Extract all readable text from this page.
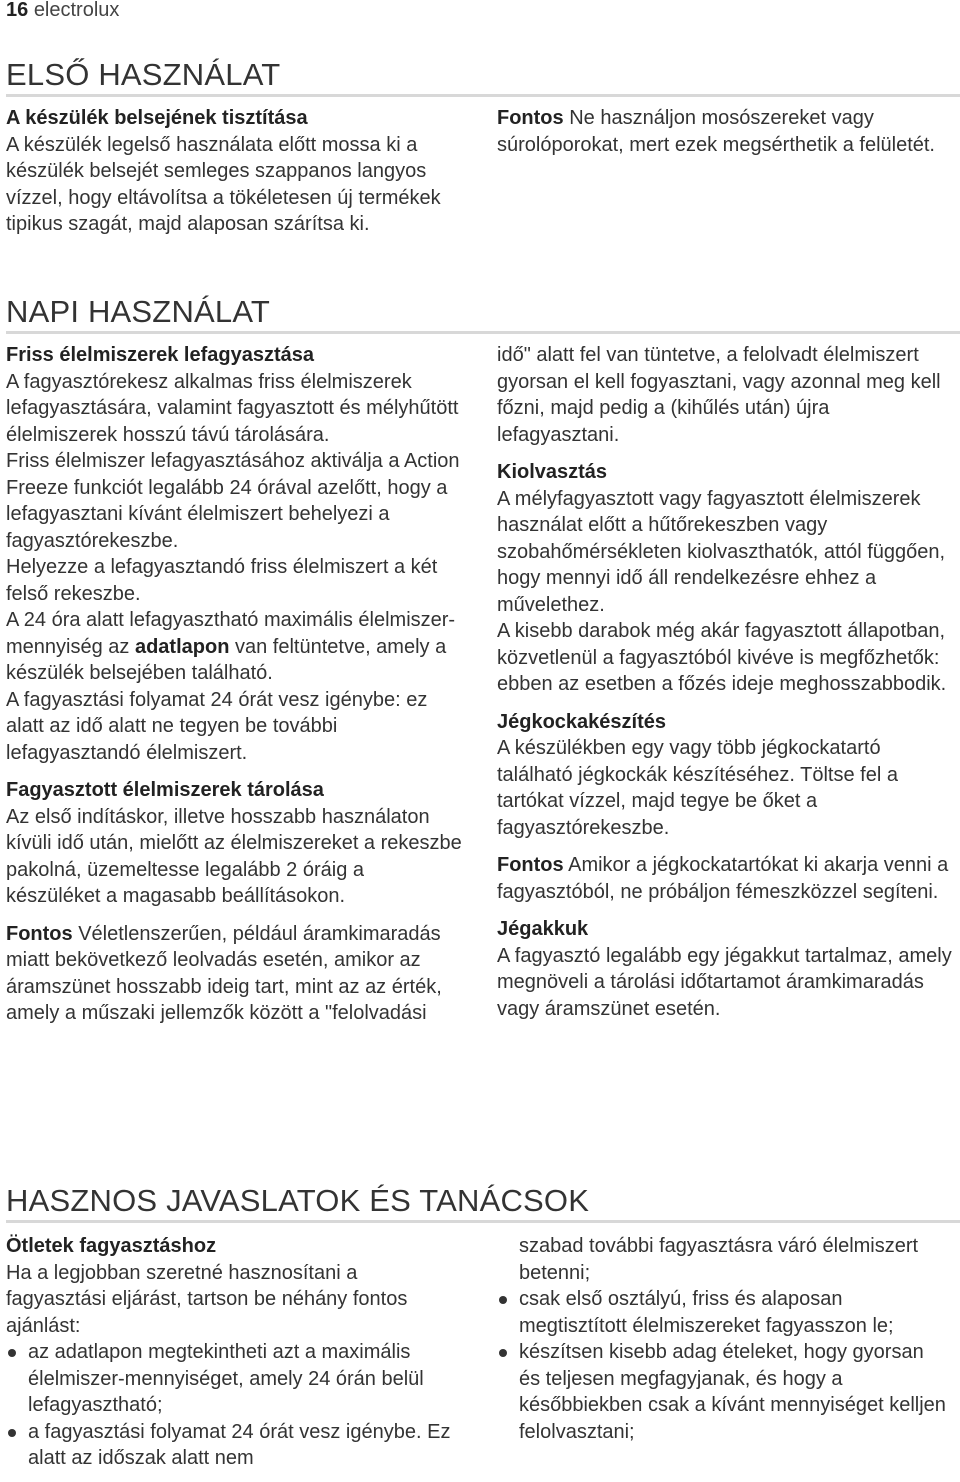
16 electrolux
ELSŐ HASZNÁLAT
A készülék belsejének tisztítása

A készülék legelső használata előtt mossa ki a készülék belsejét semleges szappanos langyos vízzel, hogy eltávolítsa a tökéletesen új termékek tipikus szagát, majd alaposan szárítsa ki.

Fontos Ne használjon mosószereket vagy súrolóporokat, mert ezek megsérthetik a felületét.

NAPI HASZNÁLAT
Friss élelmiszerek lefagyasztása

A fagyasztórekesz alkalmas friss élelmiszerek lefagyasztására, valamint fagyasztott és mélyhűtött élelmiszerek hosszú távú tárolására.

Friss élelmiszer lefagyasztásához aktiválja a Action Freeze funkciót legalább 24 órával azelőtt, hogy a lefagyasztani kívánt élelmiszert behelyezi a fagyasztórekeszbe.

Helyezze a lefagyasztandó friss élelmiszert a két felső rekeszbe.

A 24 óra alatt lefagyasztható maximális élelmiszer-mennyiség az adatlapon van feltüntetve, amely a készülék belsejében található.

A fagyasztási folyamat 24 órát vesz igénybe: ez alatt az idő alatt ne tegyen be további lefagyasztandó élelmiszert.

Fagyasztott élelmiszerek tárolása

Az első indításkor, illetve hosszabb használaton kívüli idő után, mielőtt az élelmiszereket a rekeszbe pakolná, üzemeltesse legalább 2 óráig a készüléket a magasabb beállításokon.

Fontos Véletlenszerűen, például áramkimaradás miatt bekövetkező leolvadás esetén, amikor az áramszünet hosszabb ideig tart, mint az az érték, amely a műszaki jellemzők között a "felolvadási

idő" alatt fel van tüntetve, a felolvadt élelmiszert gyorsan el kell fogyasztani, vagy azonnal meg kell főzni, majd pedig a (kihűlés után) újra lefagyasztani.

Kiolvasztás

A mélyfagyasztott vagy fagyasztott élelmiszerek használat előtt a hűtőrekeszben vagy szobahőmérsékleten kiolvaszthatók, attól függően, hogy mennyi idő áll rendelkezésre ehhez a művelethez.

A kisebb darabok még akár fagyasztott állapotban, közvetlenül a fagyasztóból kivéve is megfőzhetők: ebben az esetben a főzés ideje meghosszabbodik.

Jégkockakészítés

A készülékben egy vagy több jégkockatartó található jégkockák készítéséhez. Töltse fel a tartókat vízzel, majd tegye be őket a fagyasztórekeszbe.

Fontos Amikor a jégkockatartókat ki akarja venni a fagyasztóból, ne próbáljon fémeszközzel segíteni.

Jégakkuk

A fagyasztó legalább egy jégakkut tartalmaz, amely megnöveli a tárolási időtartamot áramkimaradás vagy áramszünet esetén.

HASZNOS JAVASLATOK ÉS TANÁCSOK
Ötletek fagyasztáshoz

Ha a legjobban szeretné hasznosítani a fagyasztási eljárást, tartson be néhány fontos ajánlást:

az adatlapon megtekintheti azt a maximális élelmiszer-mennyiséget, amely 24 órán belül lefagyasztható;
a fagyasztási folyamat 24 órát vesz igénybe. Ez alatt az időszak alatt nem
szabad további fagyasztásra váró élelmiszert betenni;
csak első osztályú, friss és alaposan megtisztított élelmiszereket fagyasszon le;
készítsen kisebb adag ételeket, hogy gyorsan és teljesen megfagyjanak, és hogy a későbbiekben csak a kívánt mennyiséget kelljen felolvasztani;
